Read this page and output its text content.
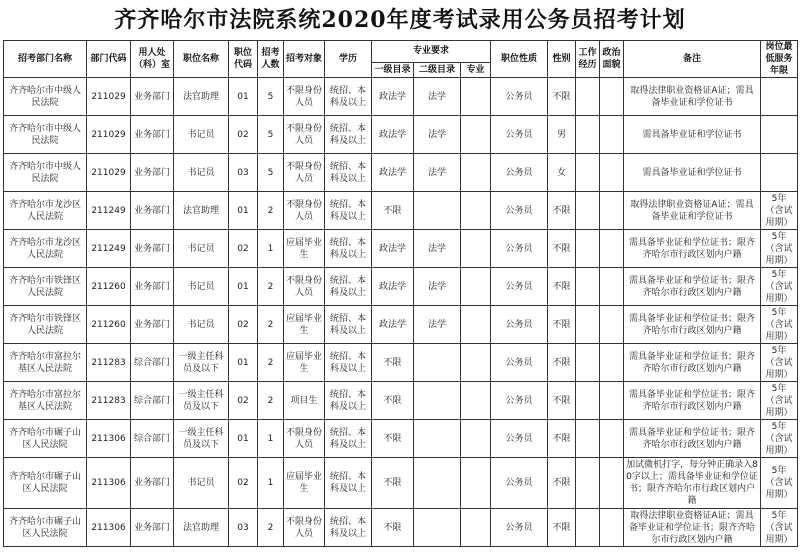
齐齐哈尔市法院系统2020年度考试录用公务员招考计划
招考部门名称	部门代码	用人处（科）室	职位名称	职位代码	招考人数	招考对象	学历	专业要求			职位性质	性别	工作经历	政治面貌	备注	岗位最低服务年限
								一级目录	二级目录	专业						
齐齐哈尔市中级人民法院	211029	业务部门	法官助理	01	5	不限身份人员	统招、本科及以上	政法学	法学		公务员	不限			取得法律职业资格证A证；需具备毕业证和学位证书	
齐齐哈尔市中级人民法院	211029	业务部门	书记员	02	5	不限身份人员	统招、本科及以上	政法学	法学		公务员	男			需具备毕业证和学位证书	
齐齐哈尔市中级人民法院	211029	业务部门	书记员	03	5	不限身份人员	统招、本科及以上	政法学	法学		公务员	女			需具备毕业证和学位证书	
齐齐哈尔市龙沙区人民法院	211249	业务部门	法官助理	01	2	不限身份人员	统招、本科及以上	不限			公务员	不限			取得法律职业资格证A证；需具备毕业证和学位证书	5年（含试用期）
齐齐哈尔市龙沙区人民法院	211249	业务部门	书记员	02	1	应届毕业生	统招、本科及以上	政法学	法学		公务员	不限			需具备毕业证和学位证书；限齐齐哈尔市行政区划内户籍	5年（含试用期）
齐齐哈尔市铁锋区人民法院	211260	业务部门	书记员	01	2	不限身份人员	统招、本科及以上	政法学	法学		公务员	不限			需具备毕业证和学位证书；限齐齐哈尔市行政区划内户籍	5年（含试用期）
齐齐哈尔市铁锋区人民法院	211260	业务部门	书记员	02	2	应届毕业生	统招、本科及以上	政法学	法学		公务员	不限			需具备毕业证和学位证书；限齐齐哈尔市行政区划内户籍	5年（含试用期）
齐齐哈尔市富拉尔基区人民法院	211283	综合部门	一级主任科员及以下	01	2	应届毕业生	统招、本科及以上	不限			公务员	不限			需具备毕业证和学位证书；限齐齐哈尔市行政区划内户籍	5年（含试用期）
齐齐哈尔市富拉尔基区人民法院	211283	综合部门	一级主任科员及以下	02	2	项目生	统招、本科及以上	不限			公务员	不限			需具备毕业证和学位证书；限齐齐哈尔市行政区划内户籍	5年（含试用期）
齐齐哈尔市碾子山区人民法院	211306	综合部门	一级主任科员及以下	01	1	不限身份人员	统招、本科及以上	不限			公务员	不限			需具备毕业证和学位证书；限齐齐哈尔市行政区划内户籍	5年（含试用期）
齐齐哈尔市碾子山区人民法院	211306	业务部门	书记员	02	1	应届毕业生	统招、本科及以上	不限			公务员	不限			加试微机打字，每分钟正确录入80字以上；需具备毕业证和学位证书；限齐齐哈尔市行政区划内户籍	5年（含试用期）
齐齐哈尔市碾子山区人民法院	211306	业务部门	法官助理	03	2	不限身份人员	统招、本科及以上	不限			公务员	不限			取得法律职业资格证A证；需具备毕业证和学位证书；限齐齐哈尔市行政区划内户籍	5年（含试用期）
